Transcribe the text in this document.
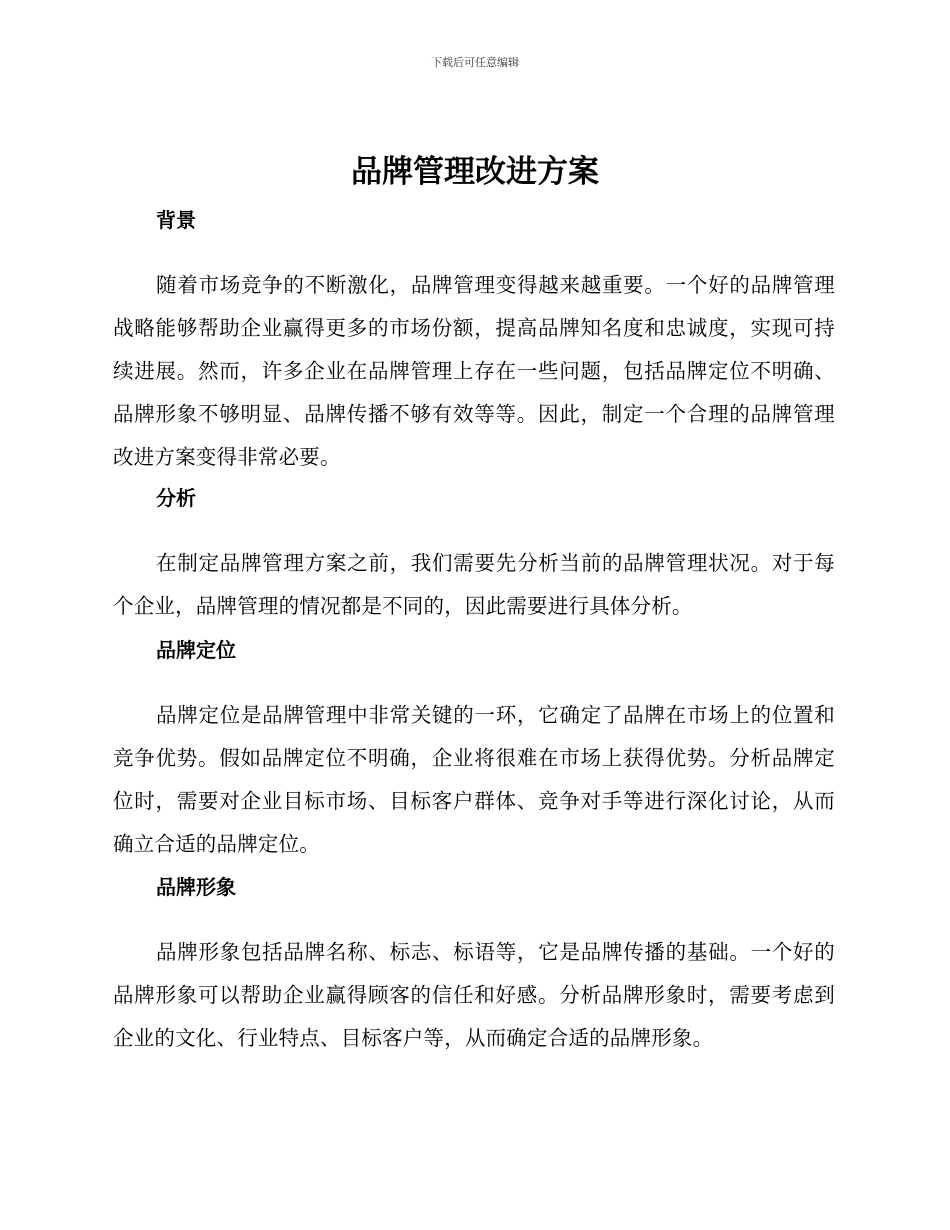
下载后可任意编辑
品牌管理改进方案
背景

随着市场竞争的不断激化，品牌管理变得越来越重要。一个好的品牌管理战略能够帮助企业赢得更多的市场份额，提高品牌知名度和忠诚度，实现可持续进展。然而，许多企业在品牌管理上存在一些问题，包括品牌定位不明确、品牌形象不够明显、品牌传播不够有效等等。因此，制定一个合理的品牌管理改进方案变得非常必要。

分析

在制定品牌管理方案之前，我们需要先分析当前的品牌管理状况。对于每个企业，品牌管理的情况都是不同的，因此需要进行具体分析。

品牌定位

品牌定位是品牌管理中非常关键的一环，它确定了品牌在市场上的位置和竞争优势。假如品牌定位不明确，企业将很难在市场上获得优势。分析品牌定位时，需要对企业目标市场、目标客户群体、竞争对手等进行深化讨论，从而确立合适的品牌定位。

品牌形象

品牌形象包括品牌名称、标志、标语等，它是品牌传播的基础。一个好的品牌形象可以帮助企业赢得顾客的信任和好感。分析品牌形象时，需要考虑到企业的文化、行业特点、目标客户等，从而确定合适的品牌形象。
